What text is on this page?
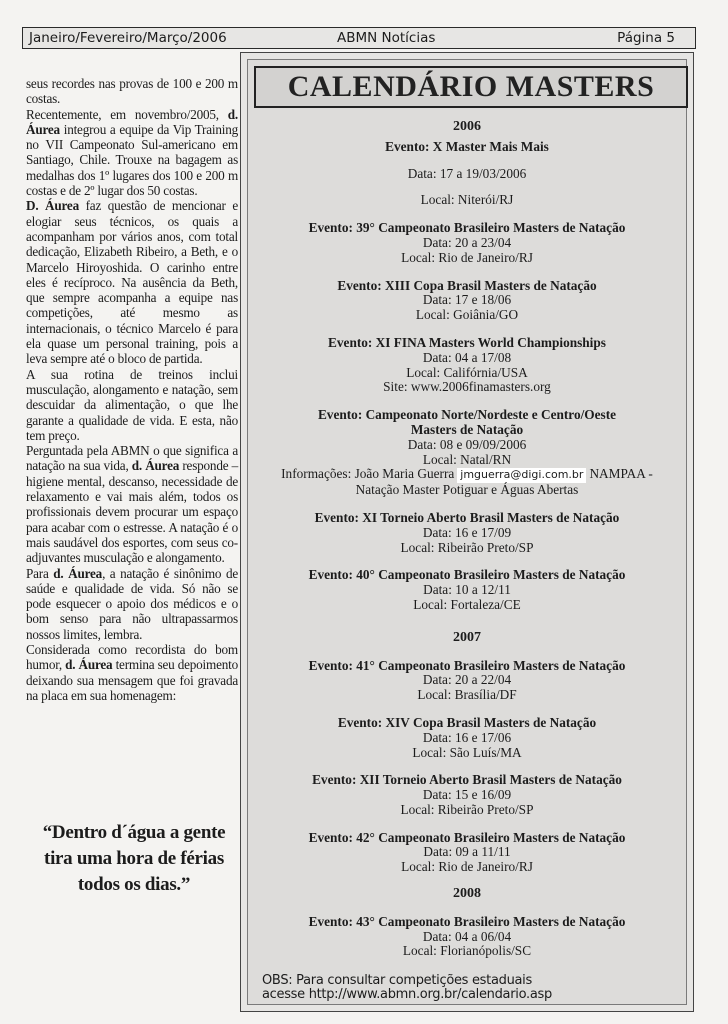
Janeiro/Fevereiro/Março/2006	ABMN Notícias	Página 5

seus recordes nas provas de 100 e 200 m costas.

Recentemente, em novembro/2005, d. Áurea integrou a equipe da Vip Training no VII Campeonato Sul-americano em Santiago, Chile. Trouxe na bagagem as medalhas dos 1º lugares dos 100 e 200 m costas e de 2º lugar dos 50 costas.

D. Áurea faz questão de mencionar e elogiar seus técnicos, os quais a acompanham por vários anos, com total dedicação, Elizabeth Ribeiro, a Beth, e o Marcelo Hiroyoshida. O carinho entre eles é recíproco. Na ausência da Beth, que sempre acompanha a equipe nas competições, até mesmo as internacionais, o técnico Marcelo é para ela quase um personal training, pois a leva sempre até o bloco de partida.

A sua rotina de treinos inclui musculação, alongamento e natação, sem descuidar da alimentação, o que lhe garante a qualidade de vida. E esta, não tem preço.

Perguntada pela ABMN o que significa a natação na sua vida, d. Áurea responde – higiene mental, descanso, necessidade de relaxamento e vai mais além, todos os profissionais devem procurar um espaço para acabar com o estresse. A natação é o mais saudável dos esportes, com seus co-adjuvantes musculação e alongamento.

Para d. Áurea, a natação é sinônimo de saúde e qualidade de vida. Só não se pode esquecer o apoio dos médicos e o bom senso para não ultrapassarmos nossos limites, lembra.

Considerada como recordista do bom humor, d. Áurea termina seu depoimento deixando sua mensagem que foi gravada na placa em sua homenagem:

“Dentro d´água a gente tira uma hora de férias todos os dias.”
CALENDÁRIO MASTERS
2006
Evento: X Master Mais Mais
Data: 17 a 19/03/2006
Local: Niterói/RJ
Evento: 39° Campeonato Brasileiro Masters de Natação
Data: 20 a 23/04
Local: Rio de Janeiro/RJ
Evento: XIII Copa Brasil Masters de Natação
Data: 17 e 18/06
Local: Goiânia/GO
Evento: XI FINA Masters World Championships
Data: 04 a 17/08
Local: Califórnia/USA
Site: www.2006finamasters.org
Evento: Campeonato Norte/Nordeste e Centro/Oeste
Masters de Natação
Data: 08 e 09/09/2006
Local: Natal/RN
Informações: João Maria Guerra jmguerra@digi.com.br NAMPAA -
Natação Master Potiguar e Águas Abertas
Evento: XI Torneio Aberto Brasil Masters de Natação
Data: 16 e 17/09
Local: Ribeirão Preto/SP
Evento: 40° Campeonato Brasileiro Masters de Natação
Data: 10 a 12/11
Local: Fortaleza/CE
2007
Evento: 41° Campeonato Brasileiro Masters de Natação
Data: 20 a 22/04
Local: Brasília/DF
Evento: XIV Copa Brasil Masters de Natação
Data: 16 e 17/06
Local: São Luís/MA
Evento: XII Torneio Aberto Brasil Masters de Natação
Data: 15 e 16/09
Local: Ribeirão Preto/SP
Evento: 42° Campeonato Brasileiro Masters de Natação
Data: 09 a 11/11
Local: Rio de Janeiro/RJ
2008
Evento: 43° Campeonato Brasileiro Masters de Natação
Data: 04 a 06/04
Local: Florianópolis/SC
OBS: Para consultar competições estaduais
acesse http://www.abmn.org.br/calendario.asp
